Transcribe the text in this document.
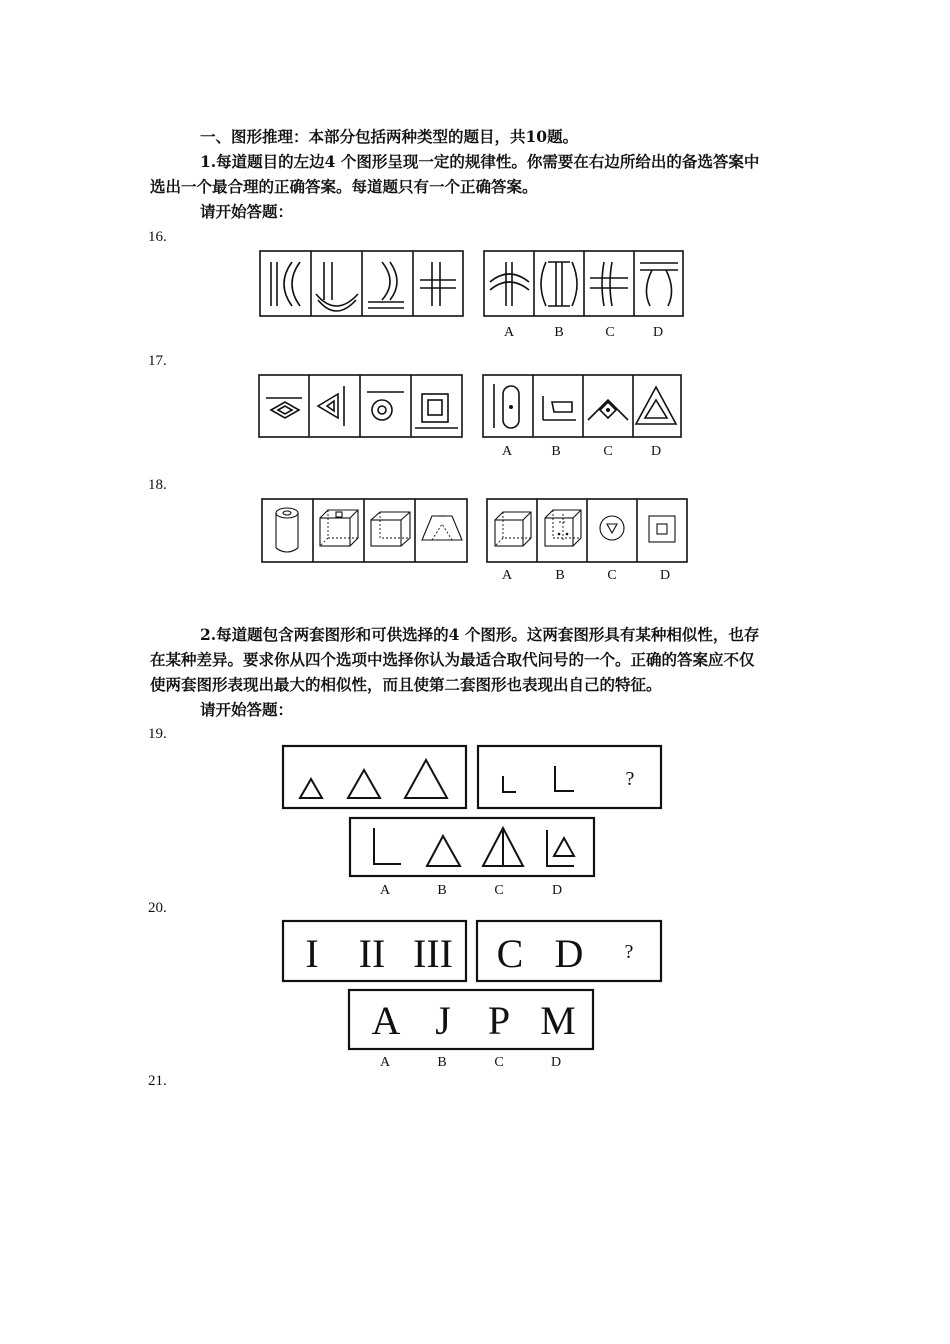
一、图形推理：本部分包括两种类型的题目，共10题。
1.每道题目的左边4 个图形呈现一定的规律性。你需要在右边所给出的备选答案中
选出一个最合理的正确答案。每道题只有一个正确答案。
请开始答题：
16.
A	B	C	D
17.
A	B	C	D
18.
A	B	C	D
2.每道题包含两套图形和可供选择的4 个图形。这两套图形具有某种相似性，也存
在某种差异。要求你从四个选项中选择你认为最适合取代问号的一个。正确的答案应不仅
使两套图形表现出最大的相似性，而且使第二套图形也表现出自己的特征。
请开始答题：
19.
?
A	B	C	D
20.
I II III C D ?
A J P M
A	B	C	D
21.
